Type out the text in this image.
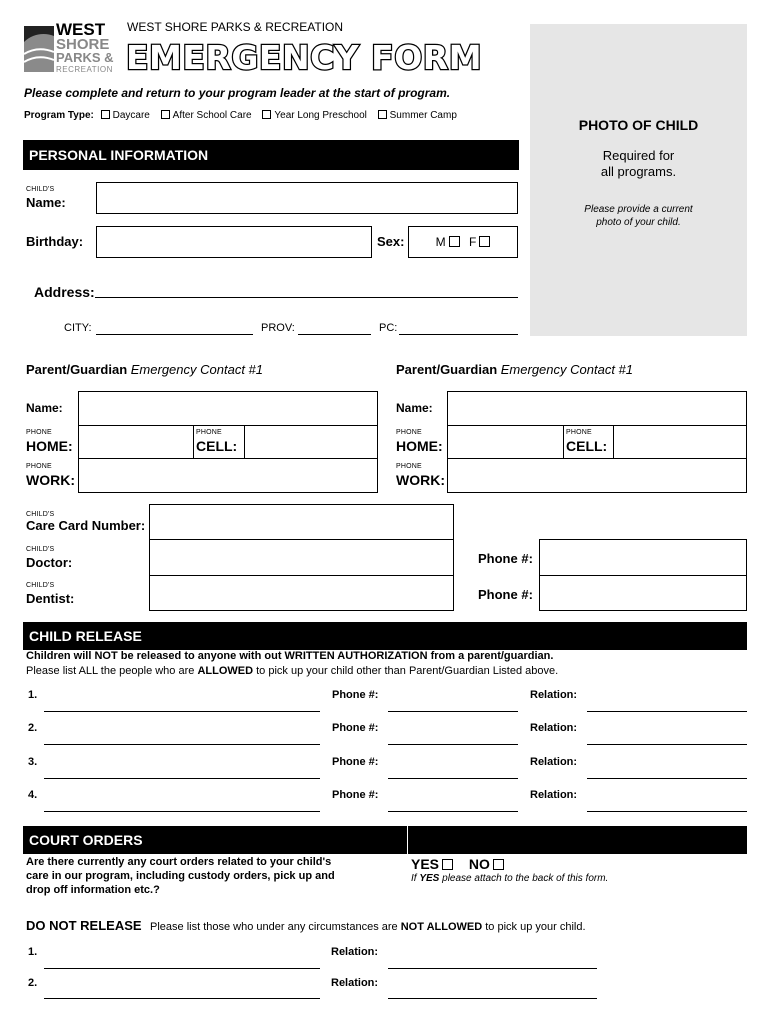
WEST
SHORE
PARKS &
RECREATION
WEST SHORE PARKS & RECREATION
EMERGENCY FORM
Please complete and return to your program leader at the start of program.
Program Type: Daycare After School Care Year Long Preschool Summer Camp
PHOTO OF CHILD
Required for
all programs.
Please provide a current
photo of your child.
PERSONAL INFORMATION
CHILD'S
Name:
Birthday:	Sex:	M F
Address:
CITY:	PROV:	PC:
Parent/Guardian Emergency Contact #1	Parent/Guardian Emergency Contact #1
Name:
PHONE
HOME:
PHONE
CELL:
PHONE
WORK:
Name:
PHONE
HOME:
PHONE
CELL:
PHONE
WORK:
CHILD'S
Care Card Number:
CHILD'S
Doctor:	Phone #:
CHILD'S
Dentist:	Phone #:
CHILD RELEASE
Children will NOT be released to anyone with out WRITTEN AUTHORIZATION from a parent/guardian.
Please list ALL the people who are ALLOWED to pick up your child other than Parent/Guardian Listed above.
1.	Phone #:	Relation:
2.	Phone #:	Relation:
3.	Phone #:	Relation:
4.	Phone #:	Relation:
COURT ORDERS
Are there currently any court orders related to your child's
care in our program, including custody orders, pick up and
drop off information etc.?
YES NO
If YES please attach to the back of this form.
DO NOT RELEASE Please list those who under any circumstances are NOT ALLOWED to pick up your child.
1.	Relation:
2.	Relation:
